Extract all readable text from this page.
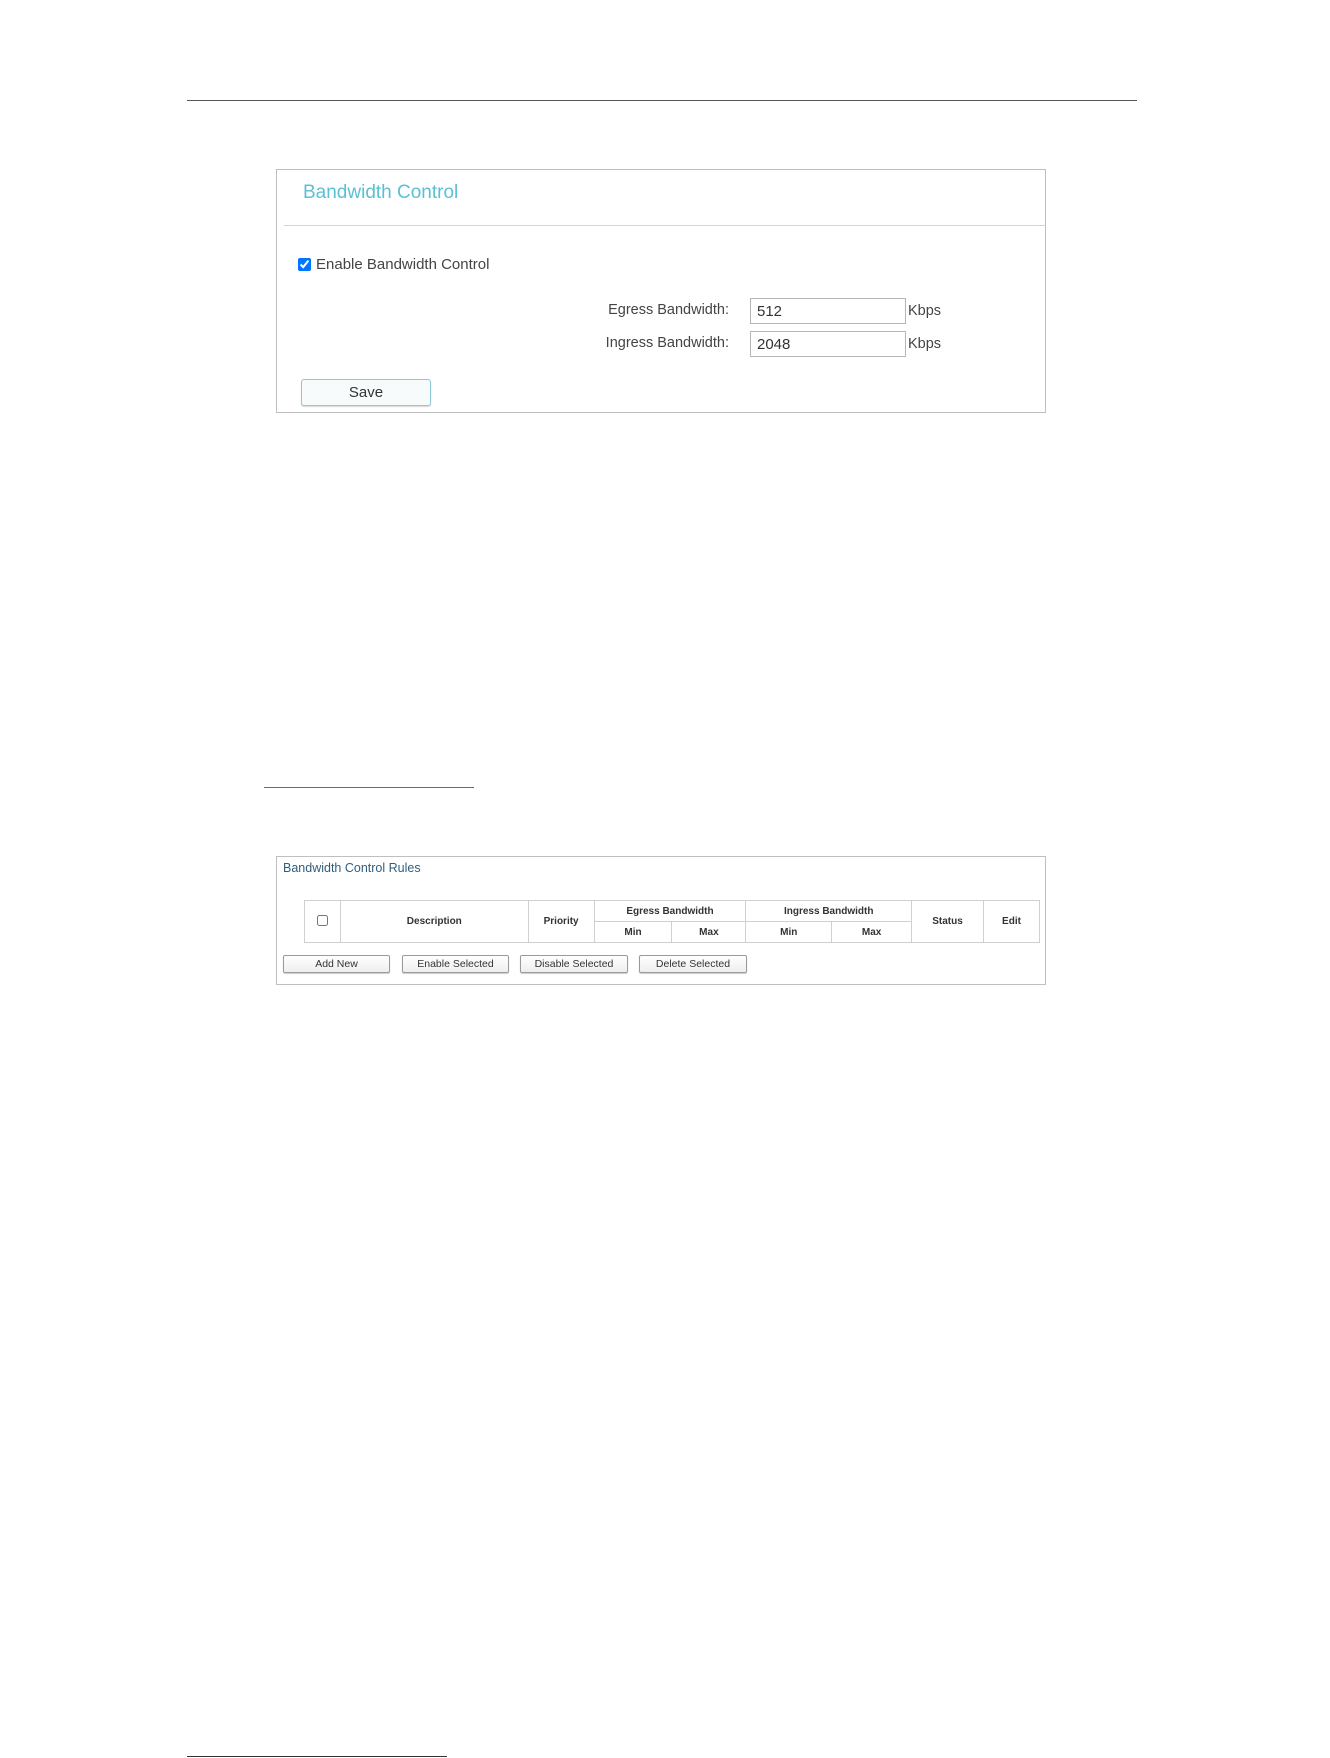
Bandwidth Control
Enable Bandwidth Control
Egress Bandwidth:
512	Kbps
Ingress Bandwidth:
2048	Kbps
Save
Bandwidth Control Rules
	Description	Priority	Egress Bandwidth		Ingress Bandwidth		Status	Edit
			Min	Max	Min	Max		
Add New	Enable Selected	Disable Selected	Delete Selected
